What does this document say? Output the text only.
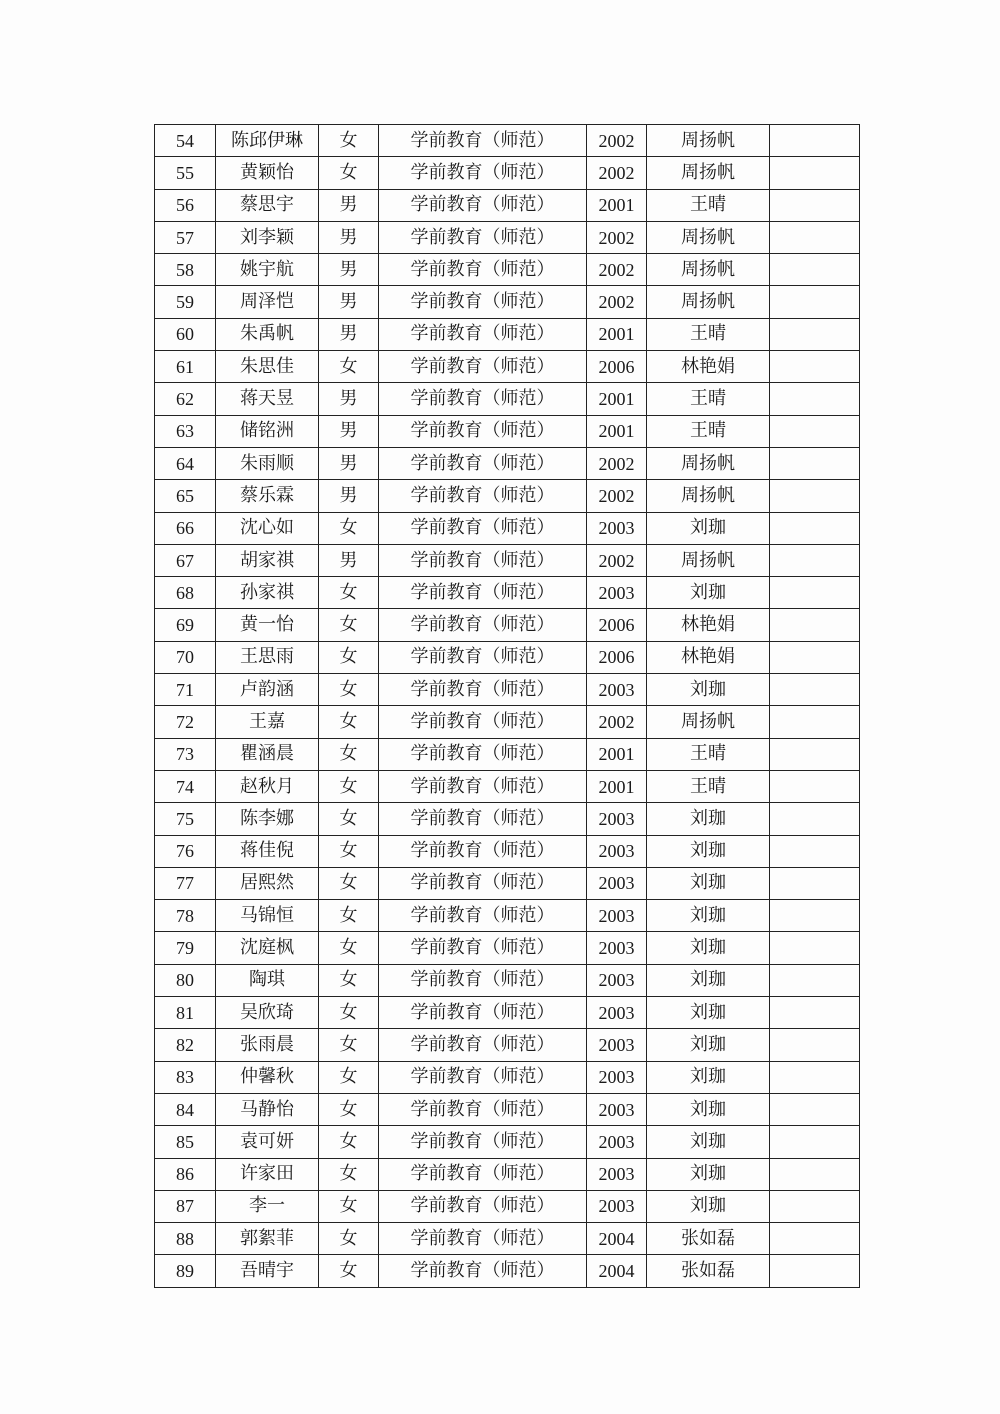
54	陈邱伊琳	女	学前教育（师范）	2002	周扬帆	
55	黄颖怡	女	学前教育（师范）	2002	周扬帆	
56	蔡思宇	男	学前教育（师范）	2001	王晴	
57	刘李颖	男	学前教育（师范）	2002	周扬帆	
58	姚宇航	男	学前教育（师范）	2002	周扬帆	
59	周泽恺	男	学前教育（师范）	2002	周扬帆	
60	朱禹帆	男	学前教育（师范）	2001	王晴	
61	朱思佳	女	学前教育（师范）	2006	林艳娟	
62	蒋天昱	男	学前教育（师范）	2001	王晴	
63	储铭洲	男	学前教育（师范）	2001	王晴	
64	朱雨顺	男	学前教育（师范）	2002	周扬帆	
65	蔡乐霖	男	学前教育（师范）	2002	周扬帆	
66	沈心如	女	学前教育（师范）	2003	刘珈	
67	胡家祺	男	学前教育（师范）	2002	周扬帆	
68	孙家祺	女	学前教育（师范）	2003	刘珈	
69	黄一怡	女	学前教育（师范）	2006	林艳娟	
70	王思雨	女	学前教育（师范）	2006	林艳娟	
71	卢韵涵	女	学前教育（师范）	2003	刘珈	
72	王嘉	女	学前教育（师范）	2002	周扬帆	
73	瞿涵晨	女	学前教育（师范）	2001	王晴	
74	赵秋月	女	学前教育（师范）	2001	王晴	
75	陈李娜	女	学前教育（师范）	2003	刘珈	
76	蒋佳倪	女	学前教育（师范）	2003	刘珈	
77	居熙然	女	学前教育（师范）	2003	刘珈	
78	马锦恒	女	学前教育（师范）	2003	刘珈	
79	沈庭枫	女	学前教育（师范）	2003	刘珈	
80	陶琪	女	学前教育（师范）	2003	刘珈	
81	吴欣琦	女	学前教育（师范）	2003	刘珈	
82	张雨晨	女	学前教育（师范）	2003	刘珈	
83	仲馨秋	女	学前教育（师范）	2003	刘珈	
84	马静怡	女	学前教育（师范）	2003	刘珈	
85	袁可妍	女	学前教育（师范）	2003	刘珈	
86	许家田	女	学前教育（师范）	2003	刘珈	
87	李一	女	学前教育（师范）	2003	刘珈	
88	郭絮菲	女	学前教育（师范）	2004	张如磊	
89	吾晴宇	女	学前教育（师范）	2004	张如磊	
